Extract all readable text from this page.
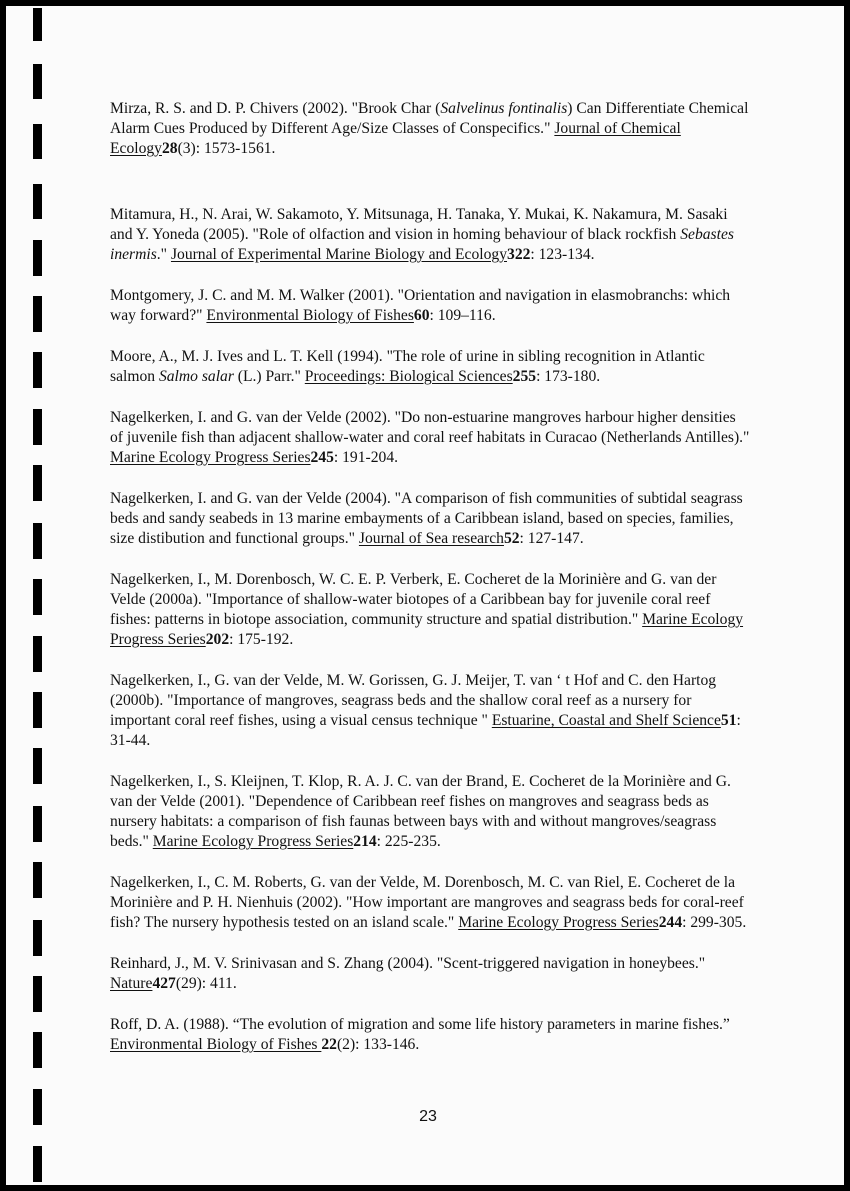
Mirza, R. S. and D. P. Chivers (2002). "Brook Char (Salvelinus fontinalis) Can Differentiate Chemical Alarm Cues Produced by Different Age/Size Classes of Conspecifics." Journal of Chemical Ecology28(3): 1573-1561.

Mitamura, H., N. Arai, W. Sakamoto, Y. Mitsunaga, H. Tanaka, Y. Mukai, K. Nakamura, M. Sasaki and Y. Yoneda (2005). "Role of olfaction and vision in homing behaviour of black rockfish Sebastes inermis." Journal of Experimental Marine Biology and Ecology322: 123-134.

Montgomery, J. C. and M. M. Walker (2001). "Orientation and navigation in elasmobranchs: which way forward?" Environmental Biology of Fishes60: 109–116.

Moore, A., M. J. Ives and L. T. Kell (1994). "The role of urine in sibling recognition in Atlantic salmon Salmo salar (L.) Parr." Proceedings: Biological Sciences255: 173-180.

Nagelkerken, I. and G. van der Velde (2002). "Do non-estuarine mangroves harbour higher densities of juvenile fish than adjacent shallow-water and coral reef habitats in Curacao (Netherlands Antilles)." Marine Ecology Progress Series245: 191-204.

Nagelkerken, I. and G. van der Velde (2004). "A comparison of fish communities of subtidal seagrass beds and sandy seabeds in 13 marine embayments of a Caribbean island, based on species, families, size distibution and functional groups." Journal of Sea research52: 127-147.

Nagelkerken, I., M. Dorenbosch, W. C. E. P. Verberk, E. Cocheret de la Morinière and G. van der Velde (2000a). "Importance of shallow-water biotopes of a Caribbean bay for juvenile coral reef fishes: patterns in biotope association, community structure and spatial distribution." Marine Ecology Progress Series202: 175-192.

Nagelkerken, I., G. van der Velde, M. W. Gorissen, G. J. Meijer, T. van ‘ t Hof and C. den Hartog (2000b). "Importance of mangroves, seagrass beds and the shallow coral reef as a nursery for important coral reef fishes, using a visual census technique " Estuarine, Coastal and Shelf Science51: 31-44.

Nagelkerken, I., S. Kleijnen, T. Klop, R. A. J. C. van der Brand, E. Cocheret de la Morinière and G. van der Velde (2001). "Dependence of Caribbean reef fishes on mangroves and seagrass beds as nursery habitats: a comparison of fish faunas between bays with and without mangroves/seagrass beds." Marine Ecology Progress Series214: 225-235.

Nagelkerken, I., C. M. Roberts, G. van der Velde, M. Dorenbosch, M. C. van Riel, E. Cocheret de la Morinière and P. H. Nienhuis (2002). "How important are mangroves and seagrass beds for coral-reef fish? The nursery hypothesis tested on an island scale." Marine Ecology Progress Series244: 299-305.

Reinhard, J., M. V. Srinivasan and S. Zhang (2004). "Scent-triggered navigation in honeybees." Nature427(29): 411.

Roff, D. A. (1988). “The evolution of migration and some life history parameters in marine fishes.” Environmental Biology of Fishes 22(2): 133-146.

23
